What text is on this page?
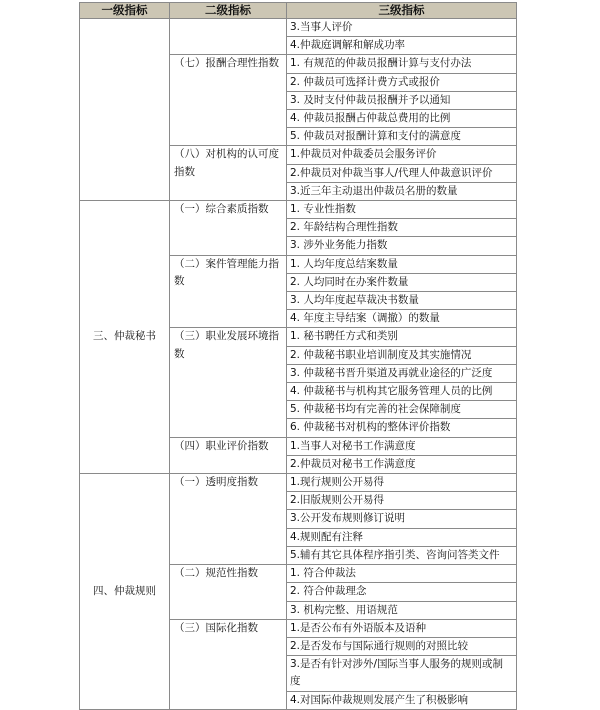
一级指标	二级指标	三级指标
		3.当事人评价
		4.仲裁庭调解和解成功率
	（七）报酬合理性指数	1. 有规范的仲裁员报酬计算与支付办法
		2. 仲裁员可选择计费方式或报价
		3. 及时支付仲裁员报酬并予以通知
		4. 仲裁员报酬占仲裁总费用的比例
		5. 仲裁员对报酬计算和支付的满意度
	（八）对机构的认可度指数	1.仲裁员对仲裁委员会服务评价
		2.仲裁员对仲裁当事人/代理人仲裁意识评价
		3.近三年主动退出仲裁员名册的数量
三、仲裁秘书	（一）综合素质指数	1. 专业性指数
		2. 年龄结构合理性指数
		3. 涉外业务能力指数
	（二）案件管理能力指数	1. 人均年度总结案数量
		2. 人均同时在办案件数量
		3. 人均年度起草裁决书数量
		4. 年度主导结案（调撤）的数量
	（三）职业发展环境指数	1. 秘书聘任方式和类别
		2. 仲裁秘书职业培训制度及其实施情况
		3. 仲裁秘书晋升渠道及再就业途径的广泛度
		4. 仲裁秘书与机构其它服务管理人员的比例
		5. 仲裁秘书均有完善的社会保障制度
		6. 仲裁秘书对机构的整体评价指数
	（四）职业评价指数	1.当事人对秘书工作满意度
		2.仲裁员对秘书工作满意度
四、仲裁规则	（一）透明度指数	1.现行规则公开易得
		2.旧版规则公开易得
		3.公开发布规则修订说明
		4.规则配有注释
		5.辅有其它具体程序指引类、咨询问答类文件
	（二）规范性指数	1. 符合仲裁法
		2. 符合仲裁理念
		3. 机构完整、用语规范
	（三）国际化指数	1.是否公布有外语版本及语种
		2.是否发布与国际通行规则的对照比较
		3.是否有针对涉外/国际当事人服务的规则或制度
		4.对国际仲裁规则发展产生了积极影响
